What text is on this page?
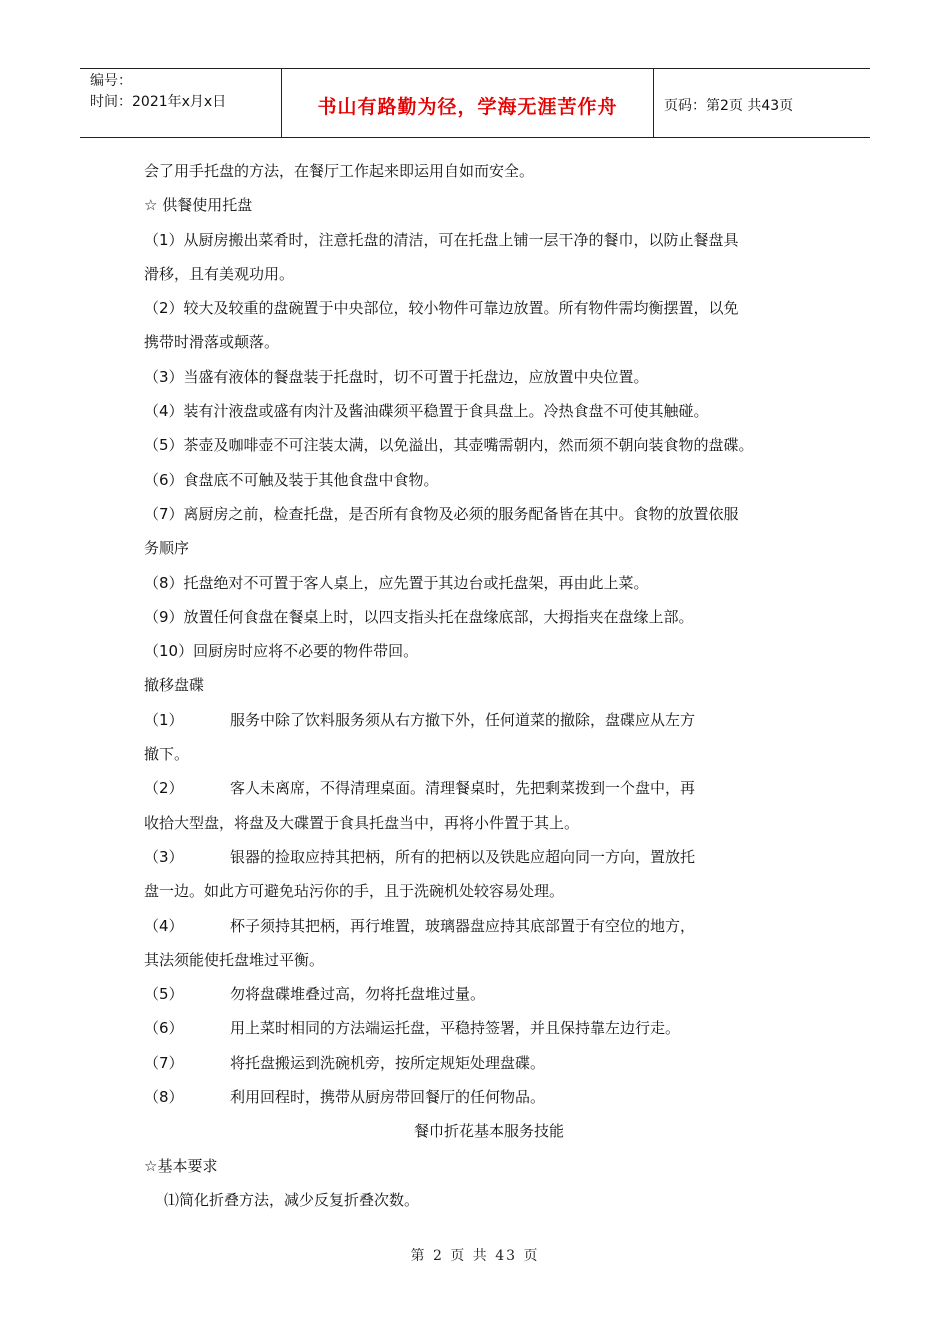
编号：
时间：2021年x月x日	书山有路勤为径，学海无涯苦作舟	页码：第2页 共43页
会了用手托盘的方法，在餐厅工作起来即运用自如而安全。
☆ 供餐使用托盘
（1）从厨房搬出菜肴时，注意托盘的清洁，可在托盘上铺一层干净的餐巾，以防止餐盘具
滑移，且有美观功用。
（2）较大及较重的盘碗置于中央部位，较小物件可靠边放置。所有物件需均衡摆置，以免
携带时滑落或颠落。
（3）当盛有液体的餐盘装于托盘时，切不可置于托盘边，应放置中央位置。
（4）装有汁液盘或盛有肉汁及酱油碟须平稳置于食具盘上。冷热食盘不可使其触碰。
（5）茶壶及咖啡壶不可注装太满，以免溢出，其壶嘴需朝内，然而须不朝向装食物的盘碟。
（6）食盘底不可触及装于其他食盘中食物。
（7）离厨房之前，检查托盘，是否所有食物及必须的服务配备皆在其中。食物的放置依服
务顺序
（8）托盘绝对不可置于客人桌上，应先置于其边台或托盘架，再由此上菜。
（9）放置任何食盘在餐桌上时，以四支指头托在盘缘底部，大拇指夹在盘缘上部。
（10）回厨房时应将不必要的物件带回。
撤移盘碟
（1）	服务中除了饮料服务须从右方撤下外，任何道菜的撤除，盘碟应从左方
撤下。
（2）	客人未离席，不得清理桌面。清理餐桌时，先把剩菜拨到一个盘中，再
收拾大型盘，将盘及大碟置于食具托盘当中，再将小件置于其上。
（3）	银器的捡取应持其把柄，所有的把柄以及铁匙应超向同一方向，置放托
盘一边。如此方可避免玷污你的手，且于洗碗机处较容易处理。
（4）	杯子须持其把柄，再行堆置，玻璃器盘应持其底部置于有空位的地方，
其法须能使托盘堆过平衡。
（5）	勿将盘碟堆叠过高，勿将托盘堆过量。
（6）	用上菜时相同的方法端运托盘，平稳持签署，并且保持靠左边行走。
（7）	将托盘搬运到洗碗机旁，按所定规矩处理盘碟。
（8）	利用回程时，携带从厨房带回餐厅的任何物品。
餐巾折花基本服务技能
☆基本要求
⑴简化折叠方法，减少反复折叠次数。
第 2 页 共 43 页
